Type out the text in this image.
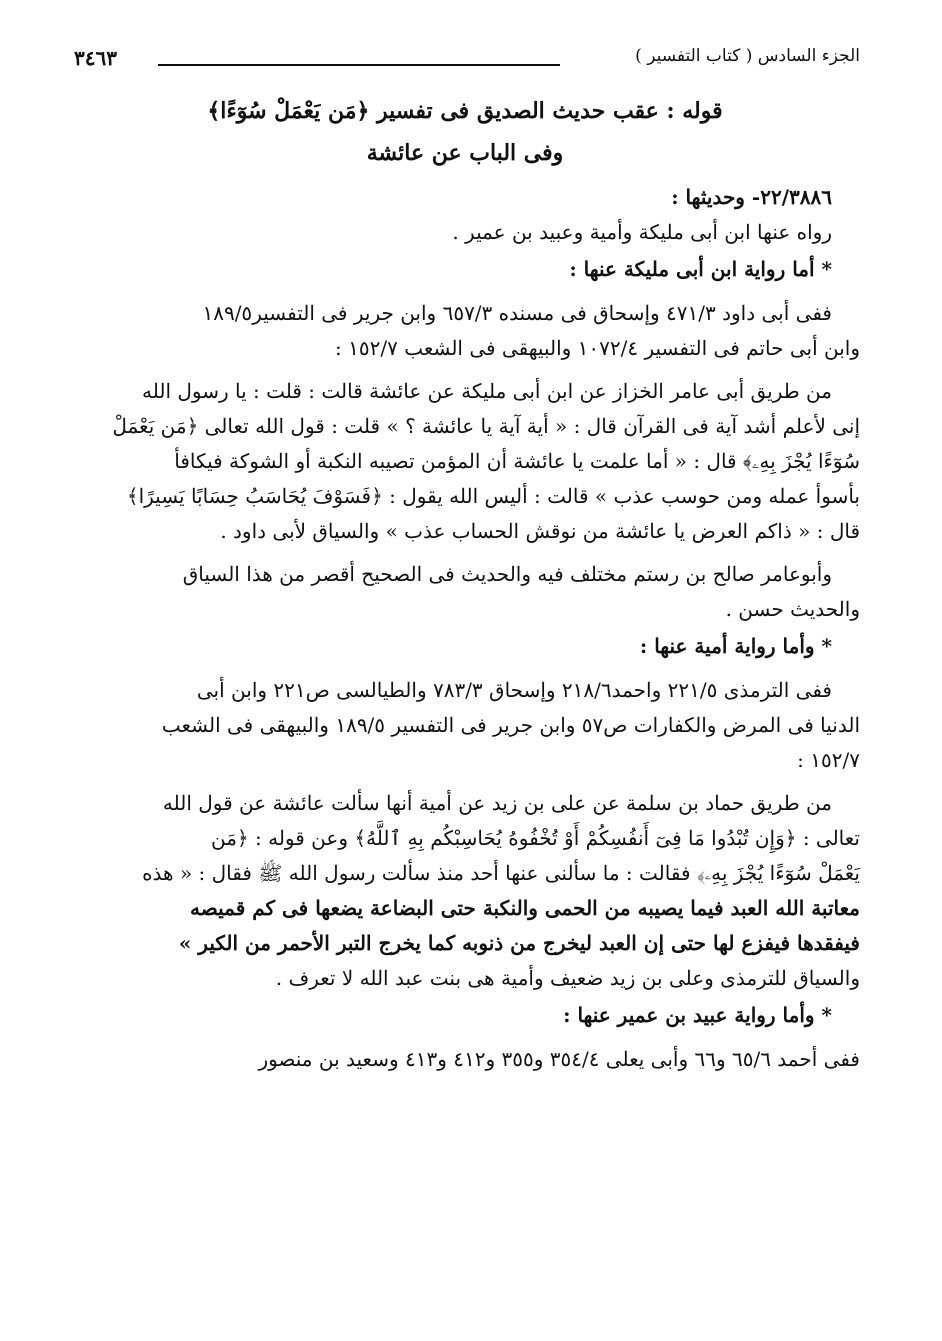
الجزء السادس ( كتاب التفسير )
٣٤٦٣
قوله : عقب حديث الصديق فى تفسير ﴿مَن يَعْمَلْ سُوٓءًا﴾
وفى الباب عن عائشة
٢٢/٣٨٨٦- وحديثها :
رواه عنها ابن أبى مليكة وأمية وعبيد بن عمير .
* أما رواية ابن أبى مليكة عنها :
ففى أبى داود ٤٧١/٣ وإسحاق فى مسنده ٦٥٧/٣ وابن جرير فى التفسير١٨٩/٥
وابن أبى حاتم فى التفسير ١٠٧٢/٤ والبيهقى فى الشعب ١٥٢/٧ :
من طريق أبى عامر الخزاز عن ابن أبى مليكة عن عائشة قالت : قلت : يا رسول الله
إنى لأعلم أشد آية فى القرآن قال : « أية آية يا عائشة ؟ » قلت : قول الله تعالى ﴿مَن يَعْمَلْ
سُوٓءًا يُجْزَ بِهِۦ﴾ قال : « أما علمت يا عائشة أن المؤمن تصيبه النكبة أو الشوكة فيكافأ
بأسوأ عمله ومن حوسب عذب » قالت : أليس الله يقول : ﴿فَسَوْفَ يُحَاسَبُ حِسَابًا يَسِيرًا﴾
قال : « ذاكم العرض يا عائشة من نوقش الحساب عذب » والسياق لأبى داود .
وأبوعامر صالح بن رستم مختلف فيه والحديث فى الصحيح أقصر من هذا السياق
والحديث حسن .
* وأما رواية أمية عنها :
ففى الترمذى ٢٢١/٥ واحمد٢١٨/٦ وإسحاق ٧٨٣/٣ والطيالسى ص٢٢١ وابن أبى
الدنيا فى المرض والكفارات ص٥٧ وابن جرير فى التفسير ١٨٩/٥ والبيهقى فى الشعب
١٥٢/٧ :
من طريق حماد بن سلمة عن على بن زيد عن أمية أنها سألت عائشة عن قول الله
تعالى : ﴿وَإِن تُبْدُوا مَا فِىٓ أَنفُسِكُمْ أَوْ تُخْفُوهُ يُحَاسِبْكُم بِهِ ٱللَّهُ﴾ وعن قوله : ﴿مَن
يَعْمَلْ سُوٓءًا يُجْزَ بِهِۦ﴾ فقالت : ما سألنى عنها أحد منذ سألت رسول الله ﷺ فقال : « هذه
معاتبة الله العبد فيما يصيبه من الحمى والنكبة حتى البضاعة يضعها فى كم قميصه
فيفقدها فيفزع لها حتى إن العبد ليخرج من ذنوبه كما يخرج التبر الأحمر من الكير »
والسياق للترمذى وعلى بن زيد ضعيف وأمية هى بنت عبد الله لا تعرف .
* وأما رواية عبيد بن عمير عنها :
ففى أحمد ٦٥/٦ و٦٦ وأبى يعلى ٣٥٤/٤ و٣٥٥ و٤١٢ و٤١٣ وسعيد بن منصور
